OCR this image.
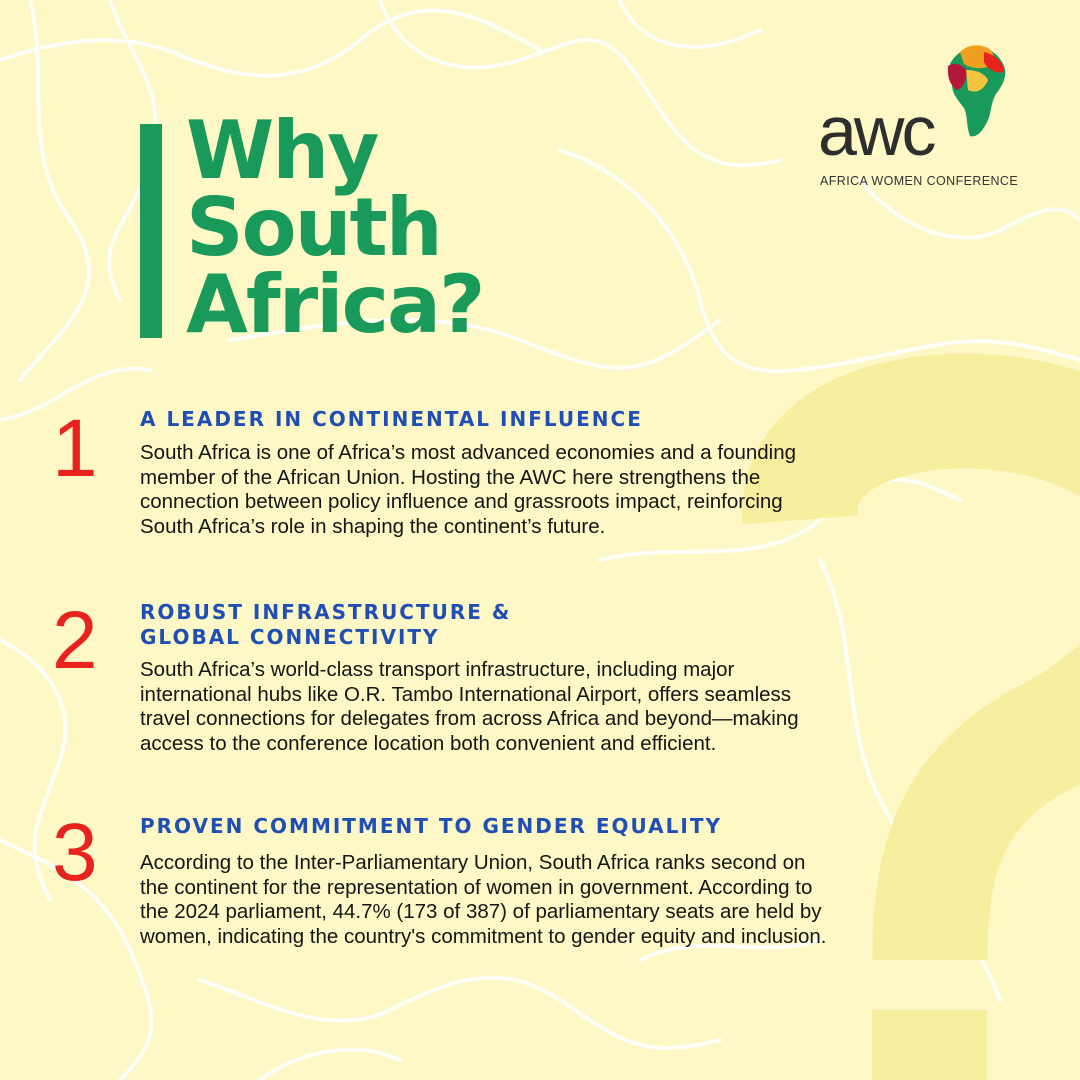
awc
AFRICA WOMEN CONFERENCE
Why
South
Africa?
1	A LEADER IN CONTINENTAL INFLUENCE

South Africa is one of Africa’s most advanced economies and a founding member of the African Union. Hosting the AWC here strengthens the connection between policy influence and grassroots impact, reinforcing South Africa’s role in shaping the continent’s future.

2	ROBUST INFRASTRUCTURE &
GLOBAL CONNECTIVITY

South Africa’s world-class transport infrastructure, including major international hubs like O.R. Tambo International Airport, offers seamless travel connections for delegates from across Africa and beyond—making access to the conference location both convenient and efficient.

3	PROVEN COMMITMENT TO GENDER EQUALITY

According to the Inter-Parliamentary Union, South Africa ranks second on the continent for the representation of women in government. According to the 2024 parliament, 44.7% (173 of 387) of parliamentary seats are held by women, indicating the country's commitment to gender equity and inclusion.
